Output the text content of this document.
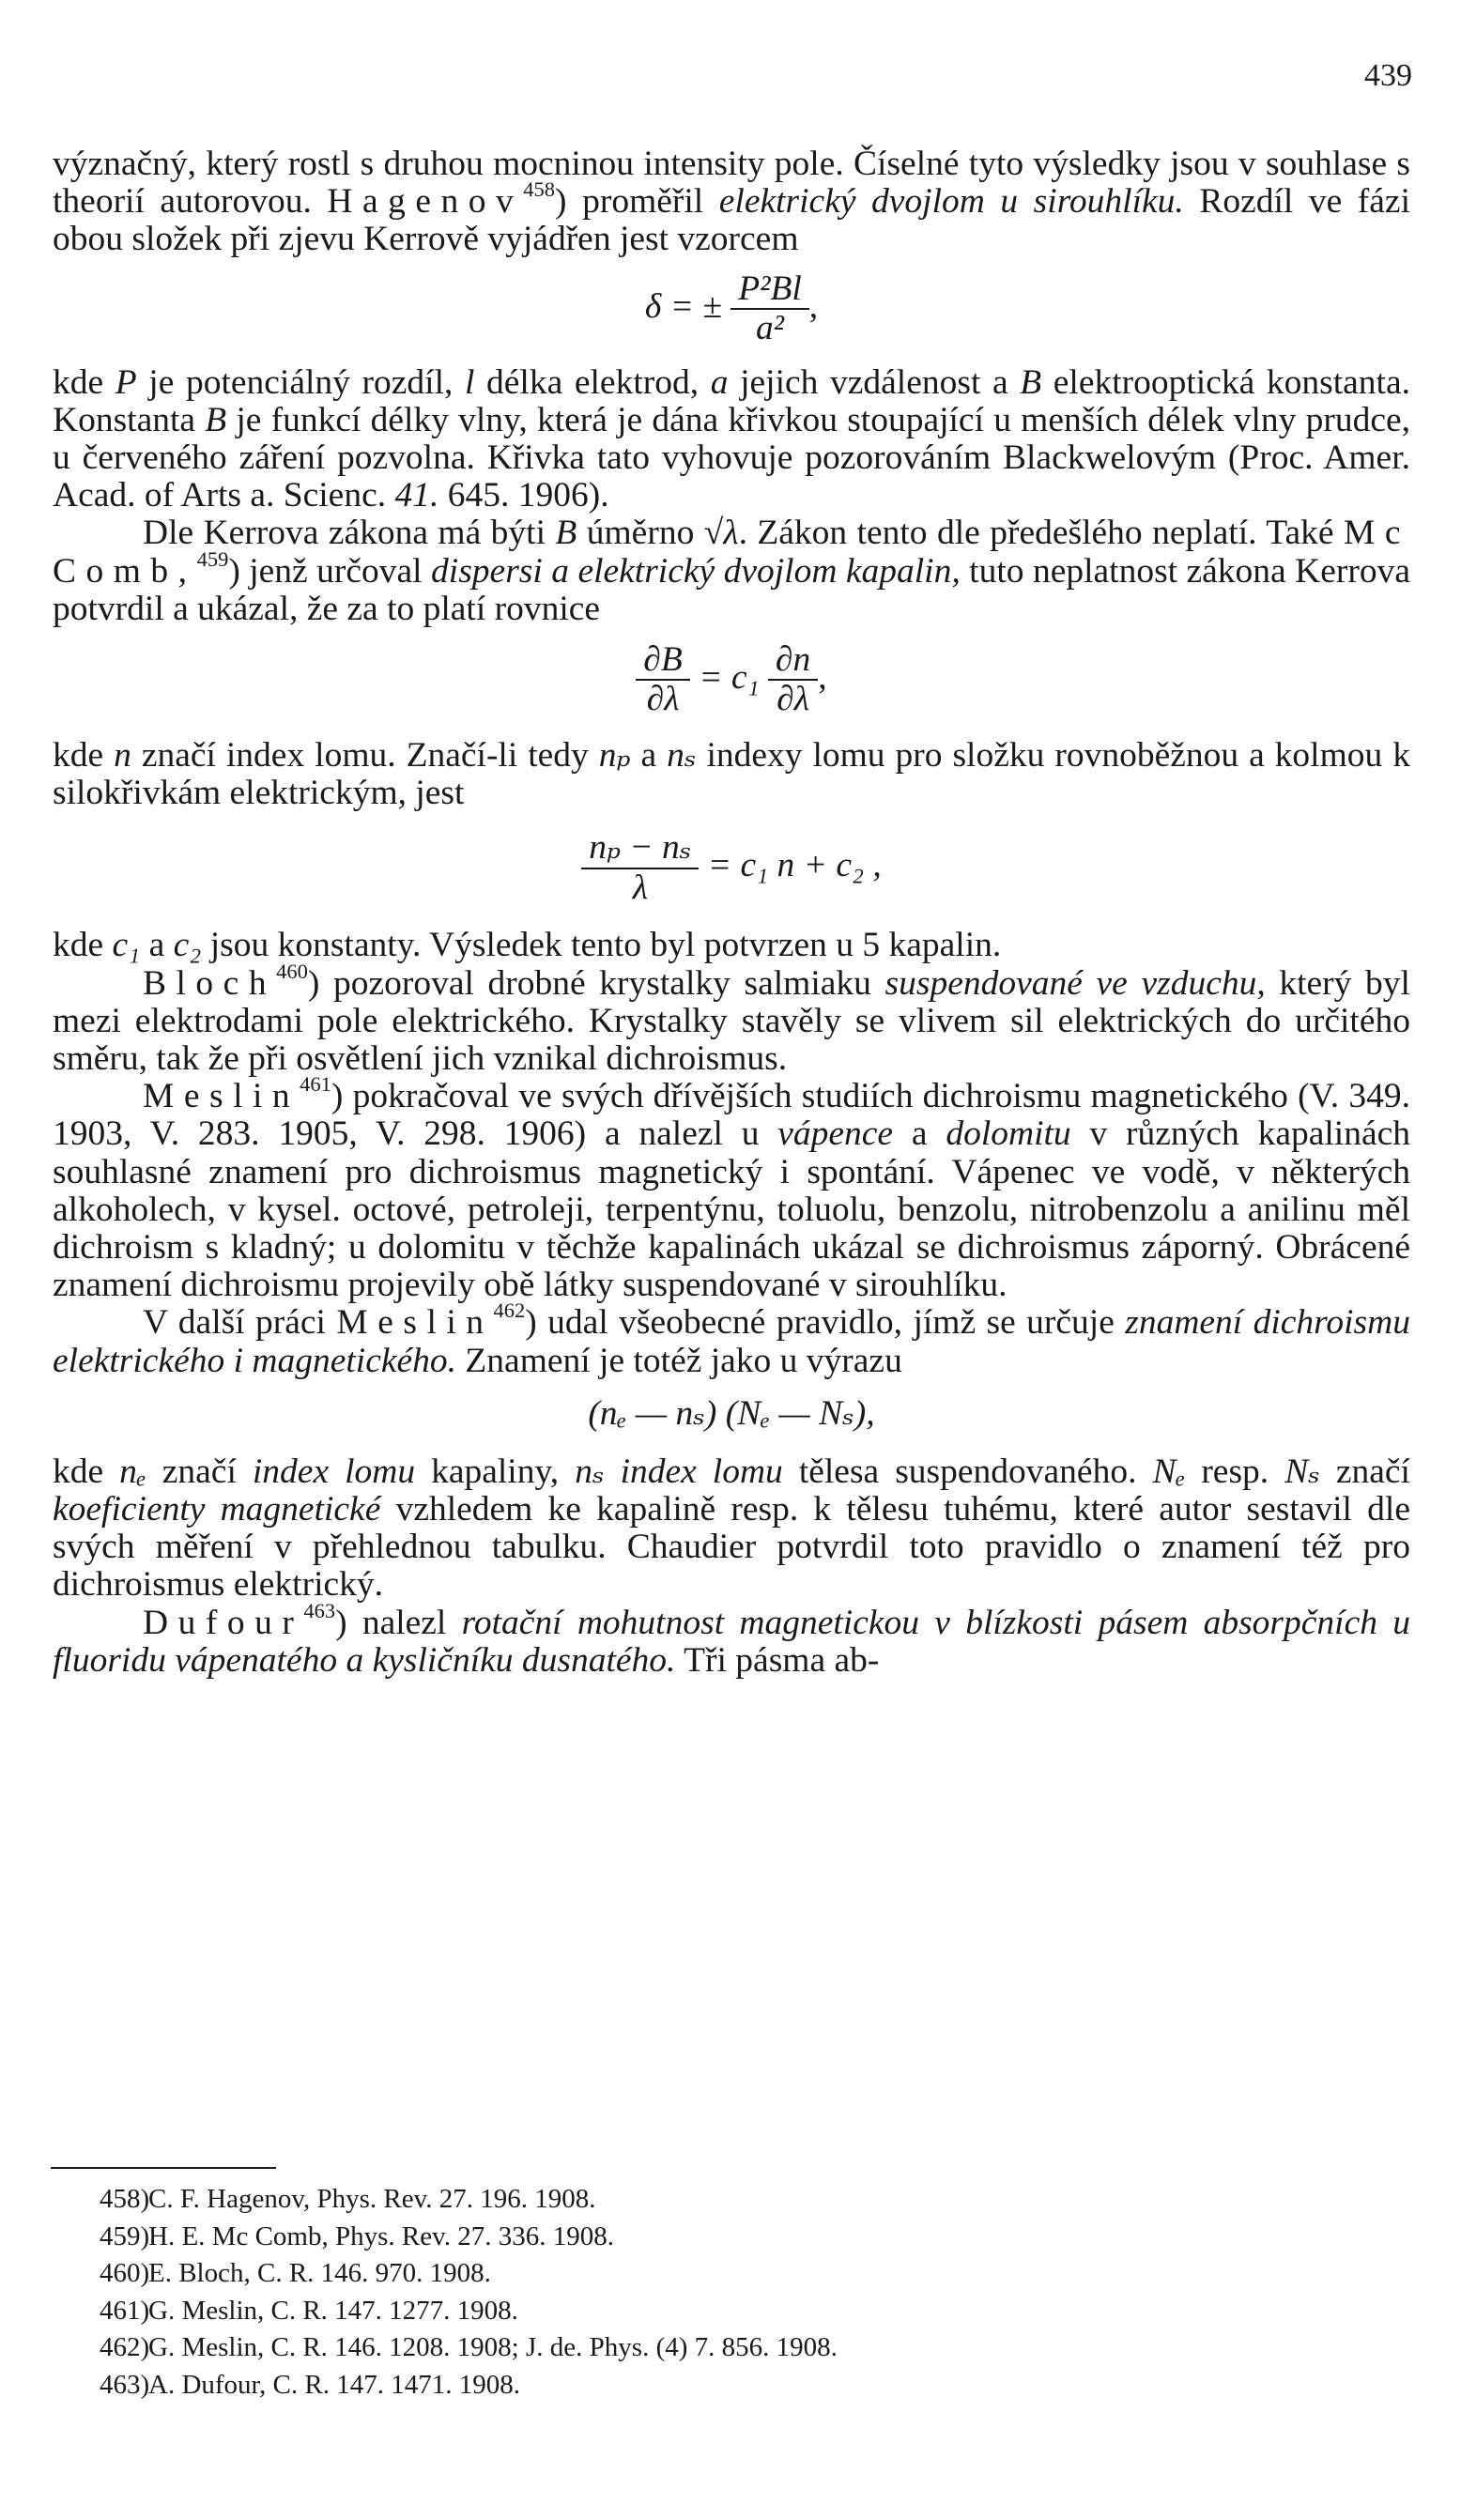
439

význačný, který rostl s druhou mocninou intensity pole. Číselné tyto výsledky jsou v souhlase s theorií autorovou. Hagenov$^{458}$) proměřil elektrický dvojlom u sirouhlíku. Rozdíl ve fázi obou složek při zjevu Kerrově vyjádřen jest vzorcem

δ = ± $\frac{\text{P²Bl}}{\text{a²}}$ ,

kde P je potenciálný rozdíl, l délka elektrod, a jejich vzdálenost a B elektrooptická konstanta. Konstanta B je funkcí délky vlny, která je dána křivkou stoupající u menších délek vlny prudce, u červeného záření pozvolna. Křivka tato vyhovuje pozorováním Blackwelovým (Proc. Amer. Acad. of Arts a. Scienc. 41. 645. 1906).

Dle Kerrova zákona má býti B úměrno √λ. Zákon tento dle předešlého neplatí. Také Mc Comb,$^{459}$) jenž určoval dispersi a elektrický dvojlom kapalin, tuto neplatnost zákona Kerrova potvrdil a ukázal, že za to platí rovnice

$\frac{\partial B}{\partial\lambda} = c_1 \frac{\partial n}{\partial\lambda}$ ,

kde n značí index lomu. Značí-li tedy nₚ a nₛ indexy lomu pro složku rovnoběžnou a kolmou k silokřivkám elektrickým, jest

$\frac{\text{nₚ − nₛ}}{\lambda} = c_1$ n + c₂ ,

kde c₁ a c₂ jsou konstanty. Výsledek tento byl potvrzen u 5 kapalin.

Bloch$^{460}$) pozoroval drobné krystalky salmiaku suspendované ve vzduchu, který byl mezi elektrodami pole elektrického. Krystalky stavěly se vlivem sil elektrických do určitého směru, tak že při osvětlení jich vznikal dichroismus.

Meslin$^{461}$) pokračoval ve svých dřívějších studiích dichroismu magnetického (V. 349. 1903, V. 283. 1905, V. 298. 1906) a nalezl u vápence a dolomitu v různých kapalinách souhlasné znamení pro dichroismus magnetický i spontání. Vápenec ve vodě, v některých alkoholech, v kysel. octové, petroleji, terpentýnu, toluolu, benzolu, nitrobenzolu a anilinu měl dichroism s kladný; u dolomitu v těchže kapalinách ukázal se dichroismus záporný. Obrácené znamení dichroismu projevily obě látky suspendované v sirouhlíku.

V další práci Meslin$^{462}$) udal všeobecné pravidlo, jímž se určuje znamení dichroismu elektrického i magnetického. Znamení je totéž jako u výrazu

(nₑ — nₛ) (Nₑ — Nₛ),

kde nₑ značí index lomu kapaliny, nₛ index lomu tělesa suspendovaného. Nₑ resp. Nₛ značí koeficienty magnetické vzhledem ke kapalině resp. k tělesu tuhému, které autor sestavil dle svých měření v přehlednou tabulku. Chaudier potvrdil toto pravidlo o znamení též pro dichroismus elektrický.

Dufour$^{463}$) nalezl rotační mohutnost magnetickou v blízkosti pásem absorpčních u fluoridu vápenatého a kysličníku dusnatého. Tři pásma ab-

458)C. F. Hagenov, Phys. Rev. 27. 196. 1908.
459)H. E. Mc Comb, Phys. Rev. 27. 336. 1908.
460)E. Bloch, C. R. 146. 970. 1908.
461)G. Meslin, C. R. 147. 1277. 1908.
462)G. Meslin, C. R. 146. 1208. 1908; J. de. Phys. (4) 7. 856. 1908.
463)A. Dufour, C. R. 147. 1471. 1908.
